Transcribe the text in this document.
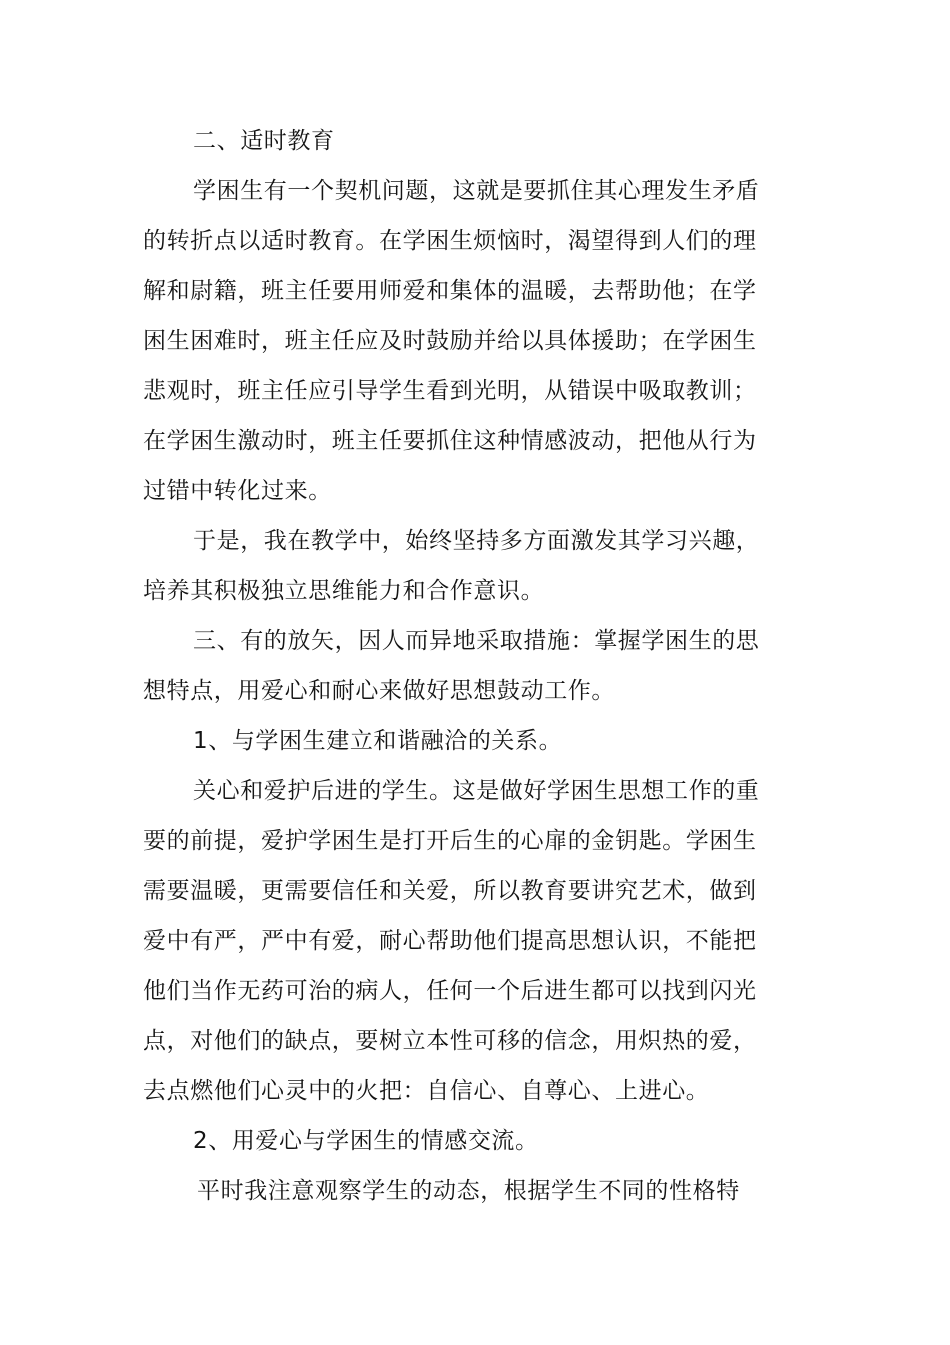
二、适时教育
学困生有一个契机问题，这就是要抓住其心理发生矛盾
的转折点以适时教育。在学困生烦恼时，渴望得到人们的理
解和尉籍，班主任要用师爱和集体的温暖，去帮助他；在学
困生困难时，班主任应及时鼓励并给以具体援助；在学困生
悲观时，班主任应引导学生看到光明，从错误中吸取教训；
在学困生激动时，班主任要抓住这种情感波动，把他从行为
过错中转化过来。
于是，我在教学中，始终坚持多方面激发其学习兴趣，
培养其积极独立思维能力和合作意识。
三、有的放矢，因人而异地采取措施：掌握学困生的思
想特点，用爱心和耐心来做好思想鼓动工作。
1、与学困生建立和谐融洽的关系。
关心和爱护后进的学生。这是做好学困生思想工作的重
要的前提，爱护学困生是打开后生的心扉的金钥匙。学困生
需要温暖，更需要信任和关爱，所以教育要讲究艺术，做到
爱中有严，严中有爱，耐心帮助他们提高思想认识，不能把
他们当作无药可治的病人，任何一个后进生都可以找到闪光
点，对他们的缺点，要树立本性可移的信念，用炽热的爱，
去点燃他们心灵中的火把：自信心、自尊心、上进心。
2、用爱心与学困生的情感交流。
平时我注意观察学生的动态，根据学生不同的性格特
